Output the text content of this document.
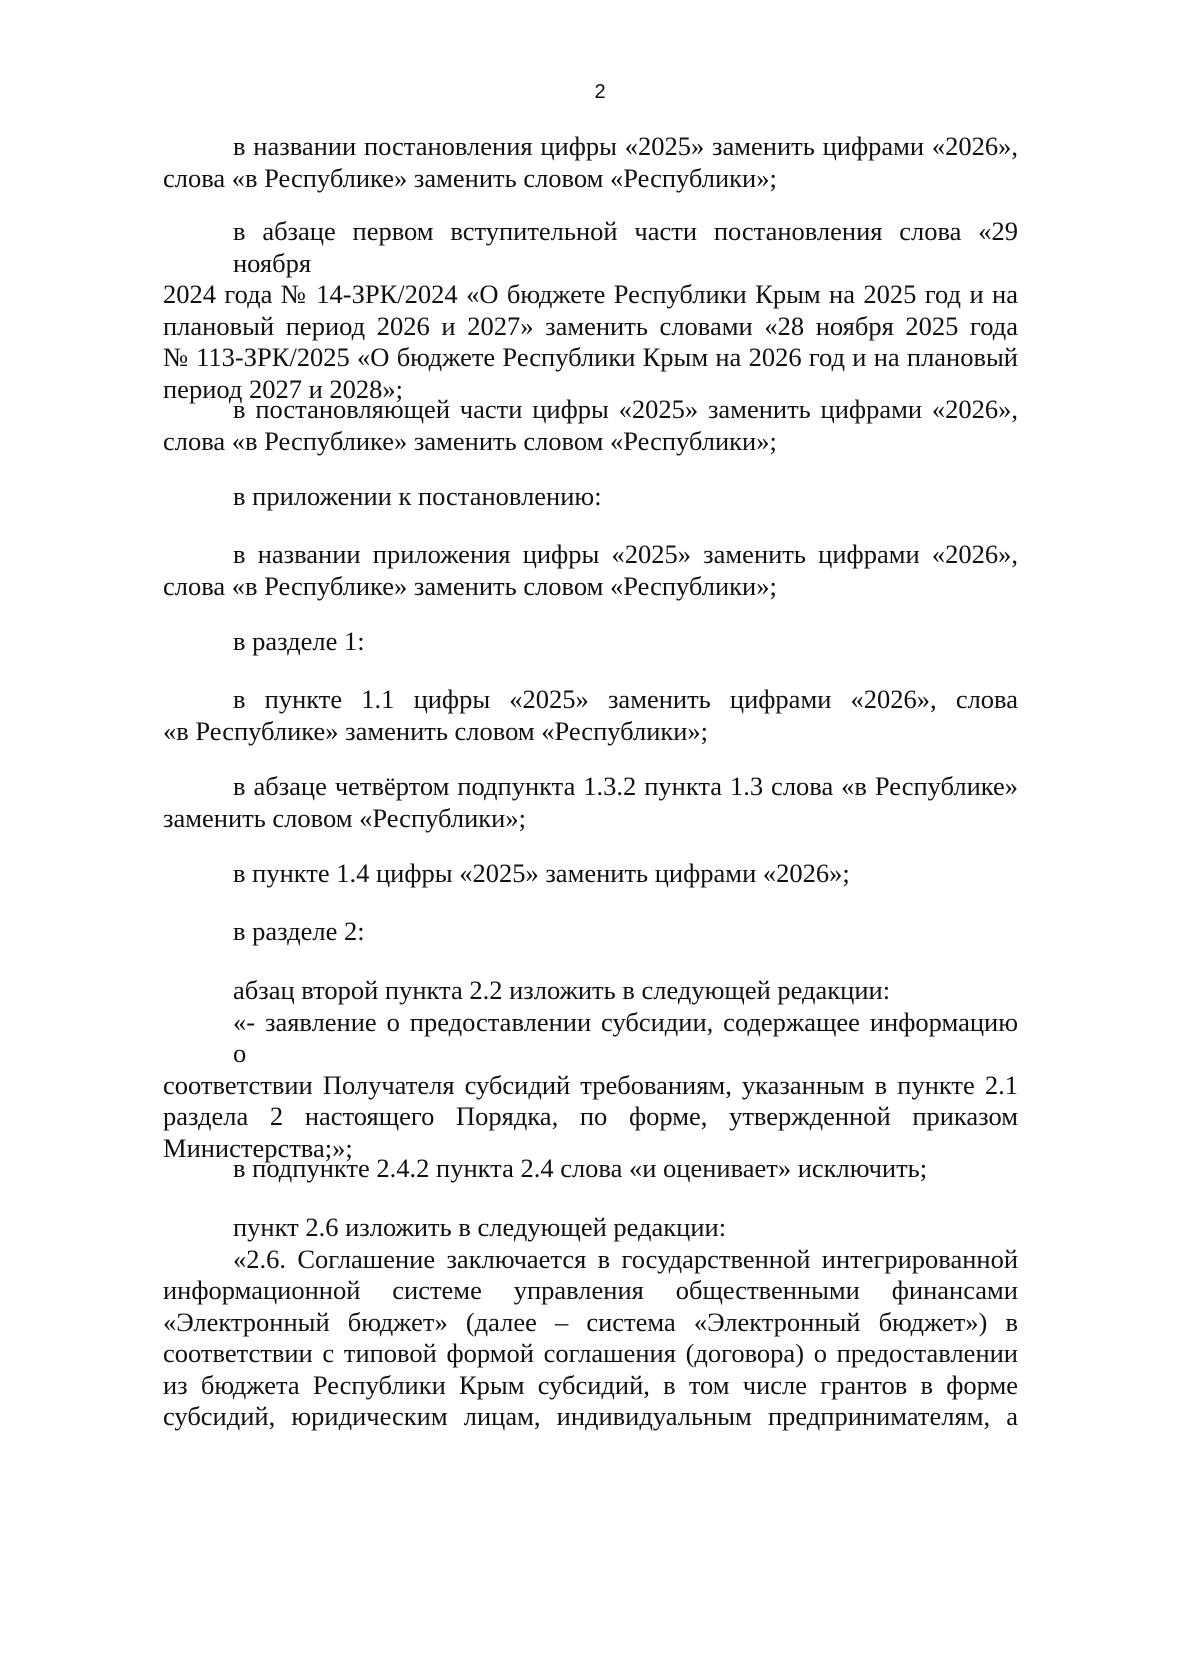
2
в названии постановления цифры «2025» заменить цифрами «2026»,
слова «в Республике» заменить словом «Республики»;
в абзаце первом вступительной части постановления слова «29 ноября
2024 года № 14-ЗРК/2024 «О бюджете Республики Крым на 2025 год и на
плановый период 2026 и 2027» заменить словами «28 ноября 2025 года
№ 113-ЗРК/2025 «О бюджете Республики Крым на 2026 год и на плановый
период 2027 и 2028»;
в постановляющей части цифры «2025» заменить цифрами «2026»,
слова «в Республике» заменить словом «Республики»;
в приложении к постановлению:
в названии приложения цифры «2025» заменить цифрами «2026»,
слова «в Республике» заменить словом «Республики»;
в разделе 1:
в пункте 1.1 цифры «2025» заменить цифрами «2026», слова
«в Республике» заменить словом «Республики»;
в абзаце четвёртом подпункта 1.3.2 пункта 1.3 слова «в Республике»
заменить словом «Республики»;
в пункте 1.4 цифры «2025» заменить цифрами «2026»;
в разделе 2:
абзац второй пункта 2.2 изложить в следующей редакции:
«- заявление о предоставлении субсидии, содержащее информацию о
соответствии Получателя субсидий требованиям, указанным в пункте 2.1
раздела 2 настоящего Порядка, по форме, утвержденной приказом
Министерства;»;
в подпункте 2.4.2 пункта 2.4 слова «и оценивает» исключить;
пункт 2.6 изложить в следующей редакции:
«2.6. Соглашение заключается в государственной интегрированной
информационной системе управления общественными финансами
«Электронный бюджет» (далее – система «Электронный бюджет») в
соответствии с типовой формой соглашения (договора) о предоставлении
из бюджета Республики Крым субсидий, в том числе грантов в форме
субсидий, юридическим лицам, индивидуальным предпринимателям, а
